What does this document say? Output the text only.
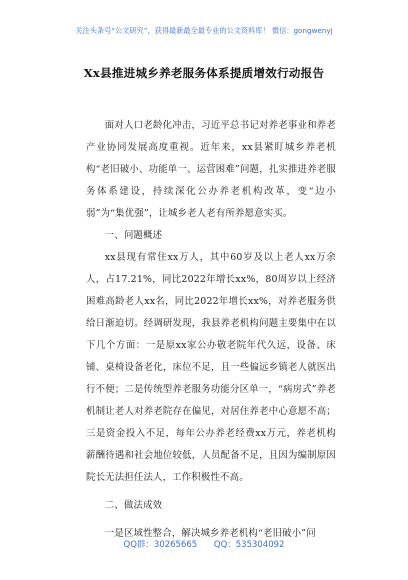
关注头条号“公文研究”，获得最新最全最专业的公文资料库！ 微信：gongwenyj
Xx县推进城乡养老服务体系提质增效行动报告

面对人口老龄化冲击，习近平总书记对养老事业和养老产业协同发展高度重视。近年来，xx县紧盯城乡养老机构“老旧破小、功能单一、运营困难”问题，扎实推进养老服务体系建设，持续深化公办养老机构改革，变“边小弱”为“集优强”，让城乡老人老有所养愿意实买。

一、问题概述

xx县现有常住xx万人，其中60岁及以上老人xx万余人，占17.21%，同比2022年增长xx%，80周岁以上经济困难高龄老人xx名，同比2022年增长xx%，对养老服务供给日渐迫切。经调研发现，我县养老机构问题主要集中在以下几个方面：一是原xx家公办敬老院年代久远，设备、床铺、桌椅设备老化，床位不足，且一些偏远乡镇老人就医出行不便；二是传统型养老服务功能分区单一，“病房式”养老机制让老人对养老院存在偏见，对居住养老中心意愿不高；三是资金投入不足，每年公办养老经费xx万元，养老机构薪酬待遇和社会地位较低，人员配备不足，且因为编制原因院长无法担任法人，工作积极性不高。

二、做法成效

一是区域性整合，解决城乡养老机构“老旧破小”问

QQ群：30265665 QQ：535304092
